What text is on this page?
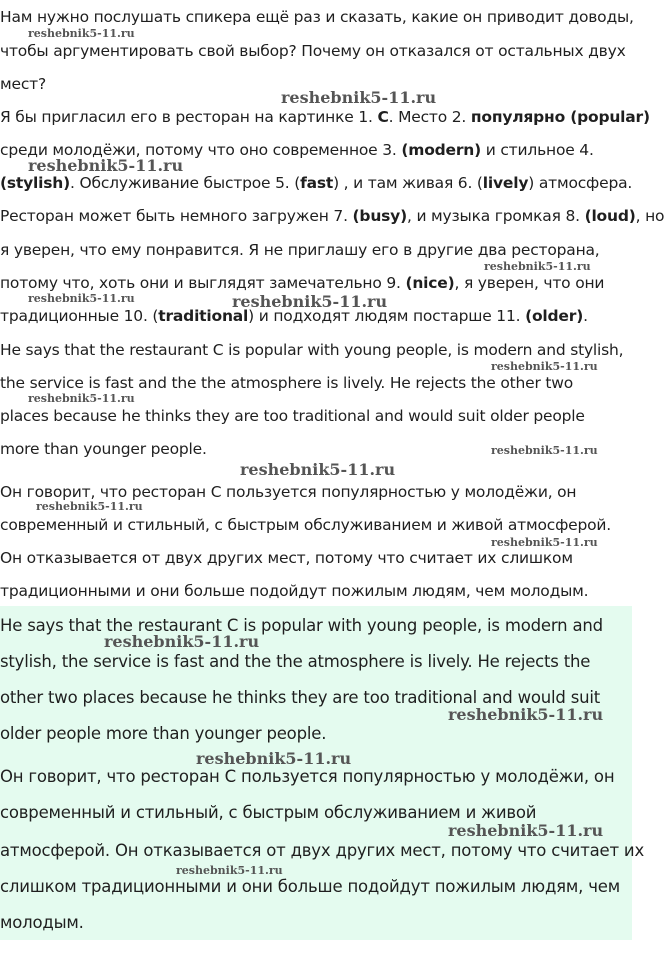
Нам нужно послушать спикера ещё раз и сказать, какие он приводит доводы,
чтобы аргументировать свой выбор? Почему он отказался от остальных двух
мест?
Я бы пригласил его в ресторан на картинке 1. C. Место 2. популярно (popular)
среди молодёжи, потому что оно современное 3. (modern) и стильное 4.
(stylish). Обслуживание быстрое 5. (fast) , и там живая 6. (lively) атмосфера.
Ресторан может быть немного загружен 7. (busy), и музыка громкая 8. (loud), но
я уверен, что ему понравится. Я не приглашу его в другие два ресторана,
потому что, хоть они и выглядят замечательно 9. (nice), я уверен, что они
традиционные 10. (traditional) и подходят людям постарше 11. (older).
He says that the restaurant C is popular with young people, is modern and stylish,
the service is fast and the the atmosphere is lively. He rejects the other two
places because he thinks they are too traditional and would suit older people
more than younger people.
Он говорит, что ресторан С пользуется популярностью у молодёжи, он
современный и стильный, с быстрым обслуживанием и живой атмосферой.
Он отказывается от двух других мест, потому что считает их слишком
традиционными и они больше подойдут пожилым людям, чем молодым.
He says that the restaurant C is popular with young people, is modern and
stylish, the service is fast and the the atmosphere is lively. He rejects the
other two places because he thinks they are too traditional and would suit
older people more than younger people.
Он говорит, что ресторан С пользуется популярностью у молодёжи, он
современный и стильный, с быстрым обслуживанием и живой
атмосферой. Он отказывается от двух других мест, потому что считает их
слишком традиционными и они больше подойдут пожилым людям, чем
молодым.
reshebnik5-11.ru
reshebnik5-11.ru
reshebnik5-11.ru
reshebnik5-11.ru
reshebnik5-11.ru	reshebnik5-11.ru
reshebnik5-11.ru
reshebnik5-11.ru
reshebnik5-11.ru
reshebnik5-11.ru
reshebnik5-11.ru
reshebnik5-11.ru
reshebnik5-11.ru
reshebnik5-11.ru
reshebnik5-11.ru
reshebnik5-11.ru
reshebnik5-11.ru
